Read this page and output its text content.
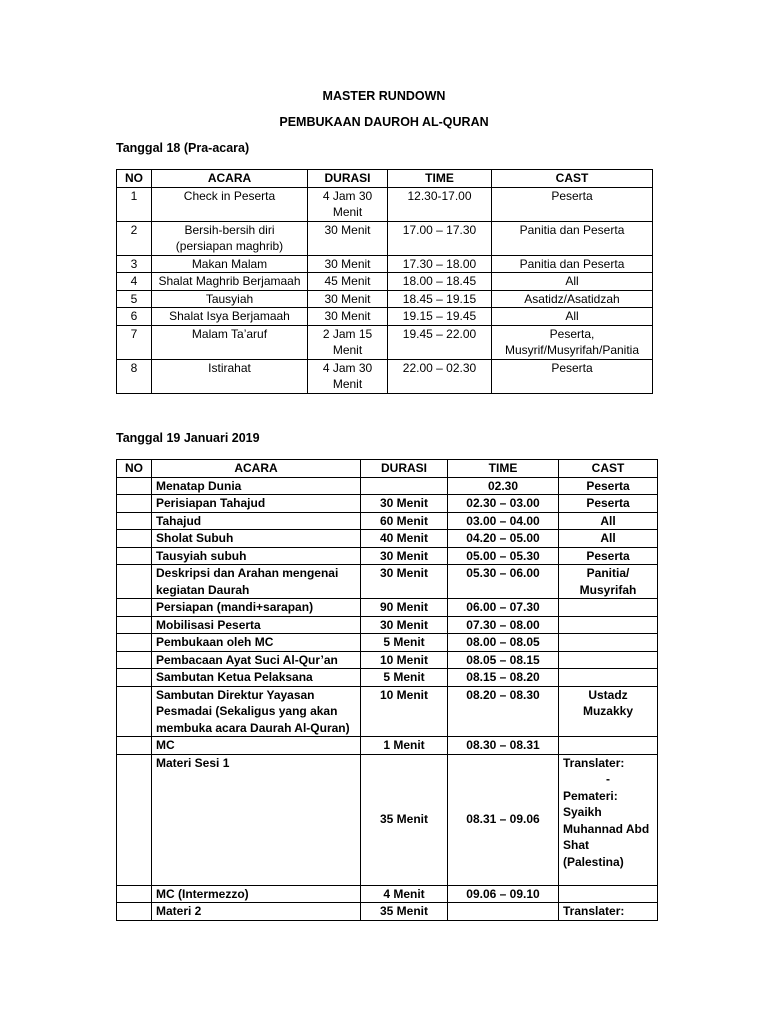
MASTER RUNDOWN
PEMBUKAAN DAUROH AL-QURAN
Tanggal 18 (Pra-acara)
NO	ACARA	DURASI	TIME	CAST
1	Check in Peserta	4 Jam 30 Menit	12.30-17.00	Peserta
2	Bersih-bersih diri (persiapan maghrib)	30 Menit	17.00 – 17.30	Panitia dan Peserta
3	Makan Malam	30 Menit	17.30 – 18.00	Panitia dan Peserta
4	Shalat Maghrib Berjamaah	45 Menit	18.00 – 18.45	All
5	Tausyiah	30 Menit	18.45 – 19.15	Asatidz/Asatidzah
6	Shalat Isya Berjamaah	30 Menit	19.15 – 19.45	All
7	Malam Ta’aruf	2 Jam 15 Menit	19.45 – 22.00	Peserta, Musyrif/Musyrifah/Panitia
8	Istirahat	4 Jam 30 Menit	22.00 – 02.30	Peserta
Tanggal 19 Januari 2019
NO	ACARA	DURASI	TIME	CAST
	Menatap Dunia		02.30	Peserta
	Perisiapan Tahajud	30 Menit	02.30 – 03.00	Peserta
	Tahajud	60 Menit	03.00 – 04.00	All
	Sholat Subuh	40 Menit	04.20 – 05.00	All
	Tausyiah subuh	30 Menit	05.00 – 05.30	Peserta
	Deskripsi dan Arahan mengenai kegiatan Daurah	30 Menit	05.30 – 06.00	Panitia/ Musyrifah
	Persiapan (mandi+sarapan)	90 Menit	06.00 – 07.30	
	Mobilisasi Peserta	30 Menit	07.30 – 08.00	
	Pembukaan oleh MC	5 Menit	08.00 – 08.05	
	Pembacaan Ayat Suci Al-Qur’an	10 Menit	08.05 – 08.15	
	Sambutan Ketua Pelaksana	5 Menit	08.15 – 08.20	
	Sambutan Direktur Yayasan Pesmadai (Sekaligus yang akan membuka acara Daurah Al-Quran)	10 Menit	08.20 – 08.30	Ustadz Muzakky
	MC	1 Menit	08.30 – 08.31	
	Materi Sesi 1	35 Menit	08.31 – 09.06	Translater:
-
Pemateri:
Syaikh Muhannad Abd Shat
(Palestina)

	MC (Intermezzo)	4 Menit	09.06 – 09.10	
	Materi 2	35 Menit		Translater:
